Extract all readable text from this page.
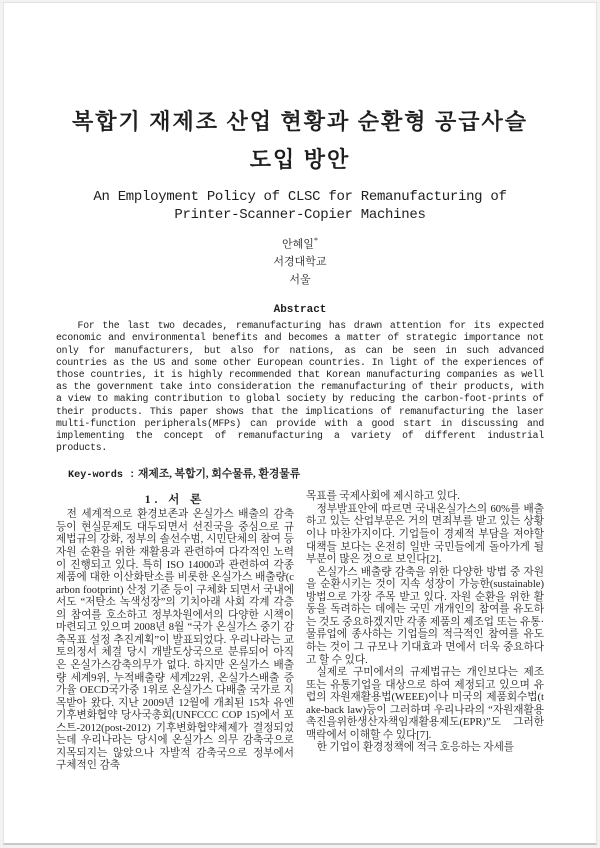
복합기 재제조 산업 현황과 순환형 공급사슬
도입 방안
An Employment Policy of CLSC for Remanufacturing of
Printer-Scanner-Copier Machines
안혜일*
서경대학교
서울
Abstract

For the last two decades, remanufacturing has drawn attention for its expected economic and environmental benefits and becomes a matter of strategic importance not only for manufacturers, but also for nations, as can be seen in such advanced countries as the US and some other European countries. In light of the experiences of those countries, it is highly recommended that Korean manufacturing companies as well as the government take into consideration the remanufacturing of their products, with a view to making contribution to global society by reducing the carbon-foot-prints of their products. This paper shows that the implications of remanufacturing the laser multi-function peripherals(MFPs) can provide with a good start in discussing and implementing the concept of remanufacturing a variety of different industrial products.

Key-words : 재제조, 복합기, 회수물류, 환경물류
1. 서 론

전 세계적으로 환경보존과 온실가스 배출의 감축 등이 현실문제도 대두되면서 선진국을 중심으로 규제법규의 강화, 정부의 솔선수범, 시민단체의 참여 등 자원 순환을 위한 재활용과 관련하여 다각적인 노력이 진행되고 있다. 특히 ISO 14000과 관련하여 각종 제품에 대한 이산화탄소를 비롯한 온실가스 배출량(carbon footprint) 산정 기준 등이 구체화 되면서 국내에서도 “저탄소 녹색성장”의 기치아래 사회 각계 각층의 참여를 호소하고 정부차원에서의 다양한 시책이 마련되고 있으며 2008년 8월 “국가 온실가스 중기 감축목표 설정 추진계획”이 발표되었다. 우리나라는 교토의정서 체결 당시 개발도상국으로 분류되어 아직은 온실가스감축의무가 없다. 하지만 온실가스 배출량 세계9위, 누적배출량 세계22위, 온실가스배출 증가율 OECD국가중 1위로 온실가스 다배출 국가로 지목받아 왔다. 지난 2009년 12월에 개최된 15차 유엔 기후변화협약 당사국총회(UNFCCC COP 15)에서 포스트-2012(post-2012) 기후변화협약체제가 결정되었는데 우리나라는 당시에 온실가스 의무 감축국으로 지목되지는 않았으나 자발적 감축국으로 정부에서 구체적인 감축

목표를 국제사회에 제시하고 있다.

정부발표안에 따르면 국내온실가스의 60%를 배출하고 있는 산업부문은 거의 면죄부를 받고 있는 상황이나 마찬가지이다. 기업들이 경제적 부담을 져야할 대책들 보다는 온전히 일반 국민들에게 돌아가게 될 부분이 많은 것으로 보인다[2].

온실가스 배출량 감축을 위한 다양한 방법 중 자원을 순환시키는 것이 지속 성장이 가능한(sustainable)방법으로 가장 주목 받고 있다. 자원 순환을 위한 활동을 독려하는 데에는 국민 개개인의 참여를 유도하는 것도 중요하겠지만 각종 제품의 제조업 또는 유통·물류업에 종사하는 기업들의 적극적인 참여를 유도하는 것이 그 규모나 기대효과 면에서 더욱 중요하다고 할 수 있다.

실제로 구미에서의 규제법규는 개인보다는 제조 또는 유통기업을 대상으로 하여 제정되고 있으며 유럽의 자원재활용법(WEEE)이나 미국의 제품회수법(take-back law)등이 그러하며 우리나라의 “자원재활용촉진을위한생산자책임재활용제도(EPR)”도 그러한 맥락에서 이해할 수 있다[7].

한 기업이 환경정책에 적극 호응하는 자세를
